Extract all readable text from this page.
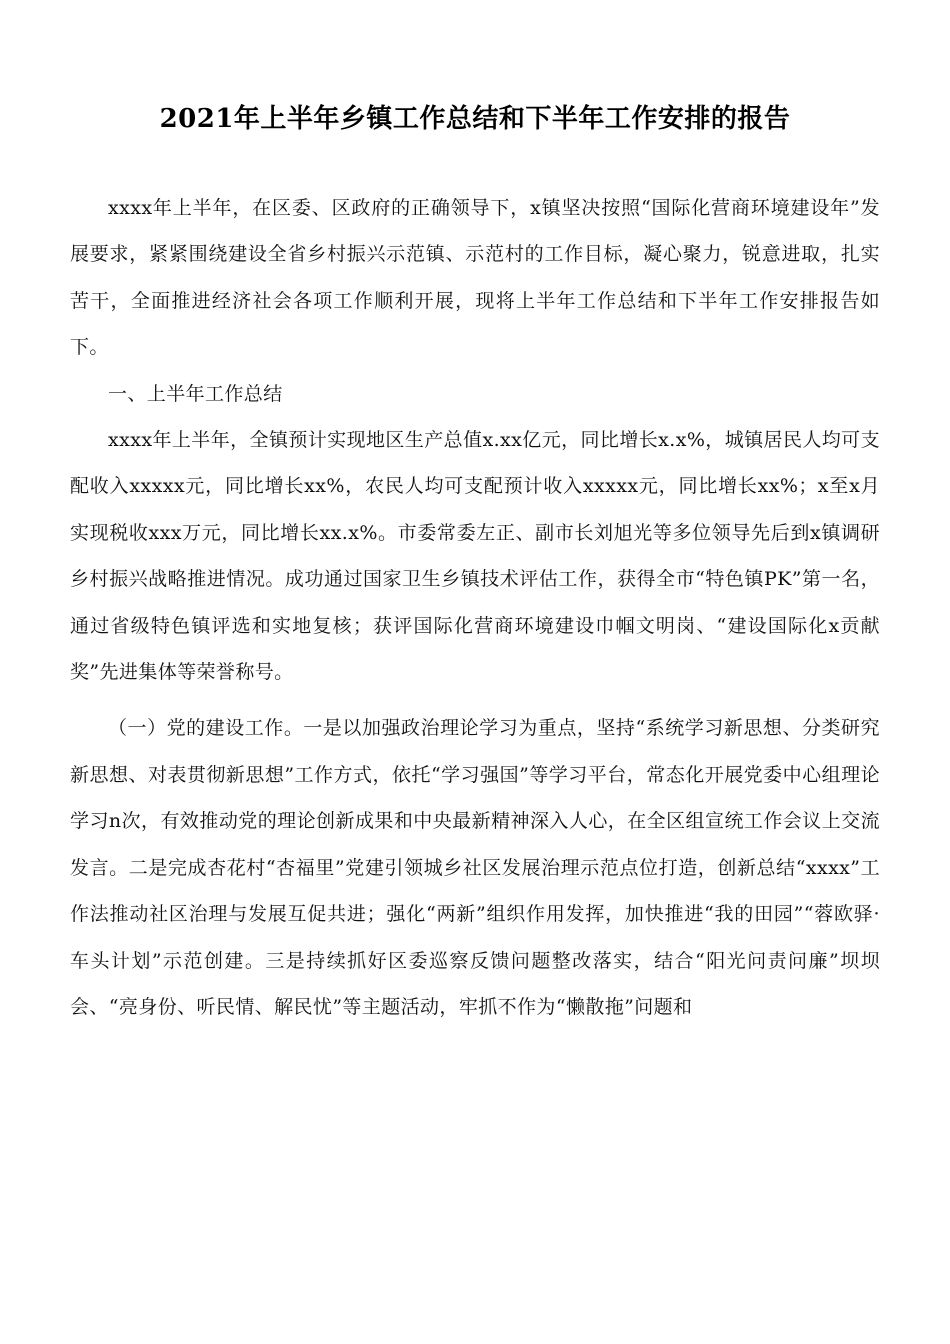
2021年上半年乡镇工作总结和下半年工作安排的报告

xxxx年上半年，在区委、区政府的正确领导下，x镇坚决按照“国际化营商环境建设年”发展要求，紧紧围绕建设全省乡村振兴示范镇、示范村的工作目标，凝心聚力，锐意进取，扎实苦干，全面推进经济社会各项工作顺利开展，现将上半年工作总结和下半年工作安排报告如下。

一、上半年工作总结

xxxx年上半年，全镇预计实现地区生产总值x.xx亿元，同比增长x.x%，城镇居民人均可支配收入xxxxx元，同比增长xx%，农民人均可支配预计收入xxxxx元，同比增长xx%；x至x月实现税收xxx万元，同比增长xx.x%。市委常委左正、副市长刘旭光等多位领导先后到x镇调研乡村振兴战略推进情况。成功通过国家卫生乡镇技术评估工作，获得全市“特色镇PK”第一名，通过省级特色镇评选和实地复核；获评国际化营商环境建设巾帼文明岗、“建设国际化x贡献奖”先进集体等荣誉称号。

（一）党的建设工作。一是以加强政治理论学习为重点，坚持“系统学习新思想、分类研究新思想、对表贯彻新思想”工作方式，依托“学习强国”等学习平台，常态化开展党委中心组理论学习n次，有效推动党的理论创新成果和中央最新精神深入人心，在全区组宣统工作会议上交流发言。二是完成杏花村“杏福里”党建引领城乡社区发展治理示范点位打造，创新总结“xxxx”工作法推动社区治理与发展互促共进；强化“两新”组织作用发挥，加快推进“我的田园”“蓉欧驿·车头计划”示范创建。三是持续抓好区委巡察反馈问题整改落实，结合“阳光问责问廉”坝坝会、“亮身份、听民情、解民忧”等主题活动，牢抓不作为“懒散拖”问题和
